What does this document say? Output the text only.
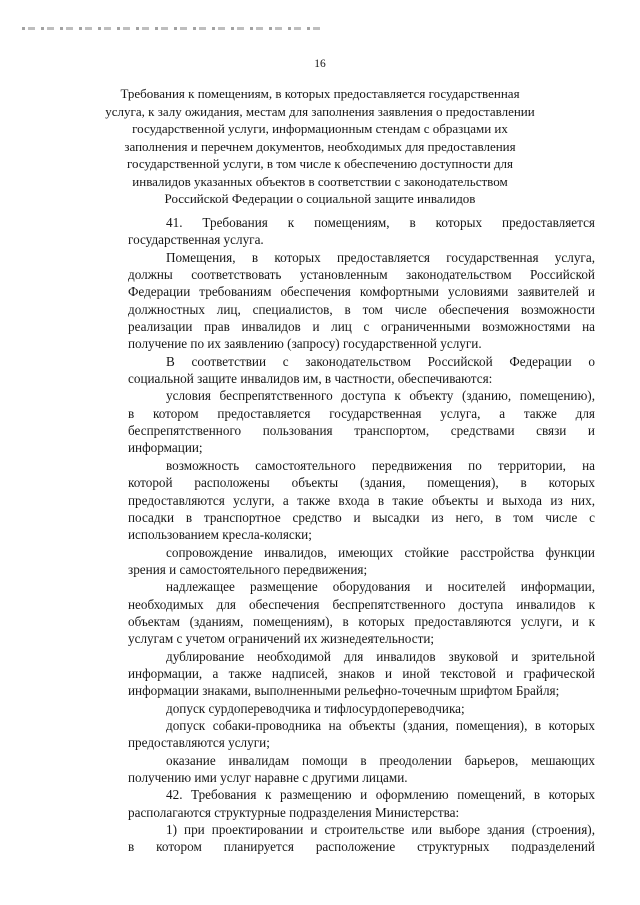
16
Требования к помещениям, в которых предоставляется государственная
услуга, к залу ожидания, местам для заполнения заявления о предоставлении
государственной услуги, информационным стендам с образцами их
заполнения и перечнем документов, необходимых для предоставления
государственной услуги, в том числе к обеспечению доступности для
инвалидов указанных объектов в соответствии с законодательством
Российской Федерации о социальной защите инвалидов
41. Требования к помещениям, в которых предоставляется
государственная услуга.
Помещения, в которых предоставляется государственная услуга,
должны соответствовать установленным законодательством Российской
Федерации требованиям обеспечения комфортными условиями заявителей и
должностных лиц, специалистов, в том числе обеспечения возможности
реализации прав инвалидов и лиц с ограниченными возможностями на
получение по их заявлению (запросу) государственной услуги.
В соответствии с законодательством Российской Федерации о
социальной защите инвалидов им, в частности, обеспечиваются:
условия беспрепятственного доступа к объекту (зданию, помещению),
в котором предоставляется государственная услуга, а также для
беспрепятственного пользования транспортом, средствами связи и
информации;
возможность самостоятельного передвижения по территории, на
которой расположены объекты (здания, помещения), в которых
предоставляются услуги, а также входа в такие объекты и выхода из них,
посадки в транспортное средство и высадки из него, в том числе с
использованием кресла-коляски;
сопровождение инвалидов, имеющих стойкие расстройства функции
зрения и самостоятельного передвижения;
надлежащее размещение оборудования и носителей информации,
необходимых для обеспечения беспрепятственного доступа инвалидов к
объектам (зданиям, помещениям), в которых предоставляются услуги, и к
услугам с учетом ограничений их жизнедеятельности;
дублирование необходимой для инвалидов звуковой и зрительной
информации, а также надписей, знаков и иной текстовой и графической
информации знаками, выполненными рельефно-точечным шрифтом Брайля;
допуск сурдопереводчика и тифлосурдопереводчика;
допуск собаки-проводника на объекты (здания, помещения), в которых
предоставляются услуги;
оказание инвалидам помощи в преодолении барьеров, мешающих
получению ими услуг наравне с другими лицами.
42. Требования к размещению и оформлению помещений, в которых
располагаются структурные подразделения Министерства:
1) при проектировании и строительстве или выборе здания (строения),
в котором планируется расположение структурных подразделений
